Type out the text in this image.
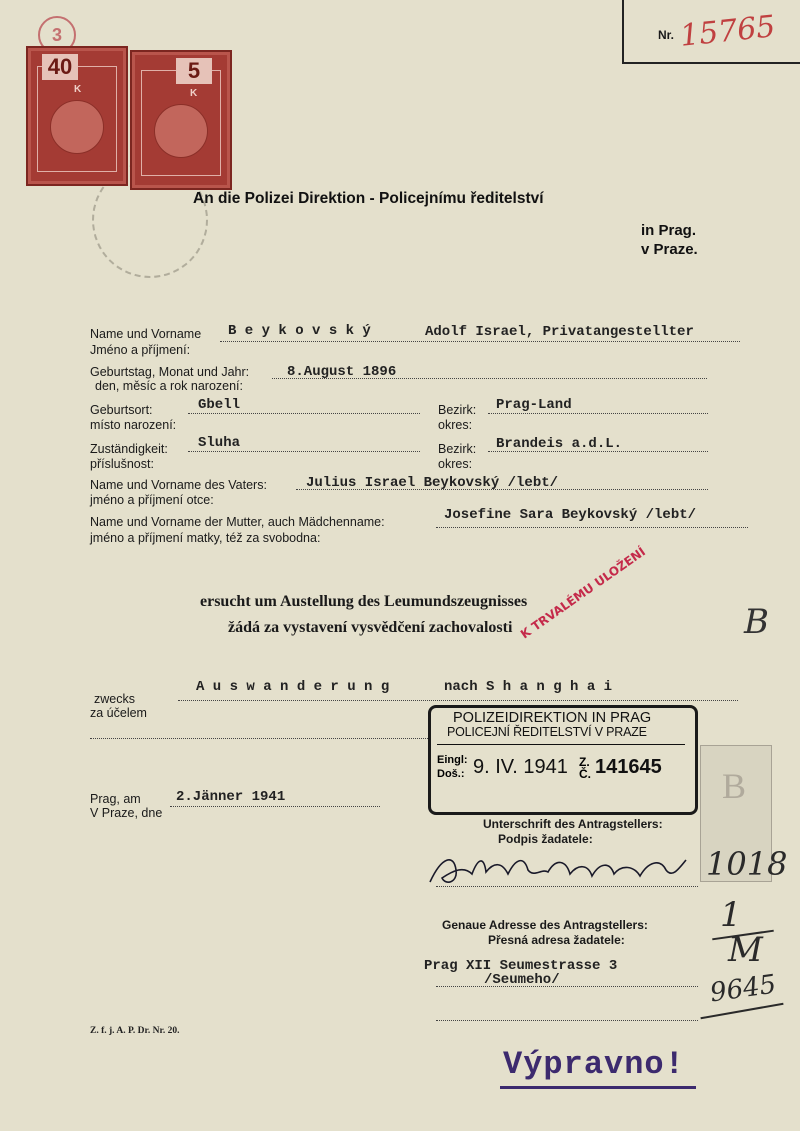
Nr. 15765
3
40
K
5
K
An die Polizei Direktion - Policejnímu ředitelství
in Prag.
v Praze.
Name und Vorname
Jméno a příjmení:
B e y k o v s k ý	Adolf Israel, Privatangestellter
Geburtstag, Monat und Jahr:
den, měsíc a rok narození:
8.August 1896
Geburtsort:
místo narození:
Gbell	Bezirk:
okres:
Prag-Land
Zuständigkeit:
příslušnost:
Sluha	Bezirk:
okres:
Brandeis a.d.L.
Name und Vorname des Vaters:
jméno a příjmení otce:
Julius Israel Beykovský /lebt/
Name und Vorname der Mutter, auch Mädchenname:
jméno a příjmení matky, též za svobodna:
Josefine Sara Beykovský /lebt/
ersucht um Austellung des Leumundszeugnisses
žádá za vystavení vysvědčení zachovalosti K TRVALÉMU ULOŽENÍ	B
A u s w a n d e r u n g	nach S h a n g h a i
zwecks
za účelem	POLIZEIDIREKTION IN PRAG
POLICEJNÍ ŘEDITELSTVÍ V PRAZE
Eingl:
Doš.: 9. IV. 1941 Z. Č. 141645 B
Prag, am
V Praze, dne
2.Jänner 1941
Unterschrift des Antragstellers:
Podpis žadatele:
1018
Genaue Adresse des Antragstellers:
Přesná adresa žadatele:
Prag XII Seumestrasse 3
/Seumeho/
1
M
9645
Z. f. j. A. P. Dr. Nr. 20.
Výpravno!
